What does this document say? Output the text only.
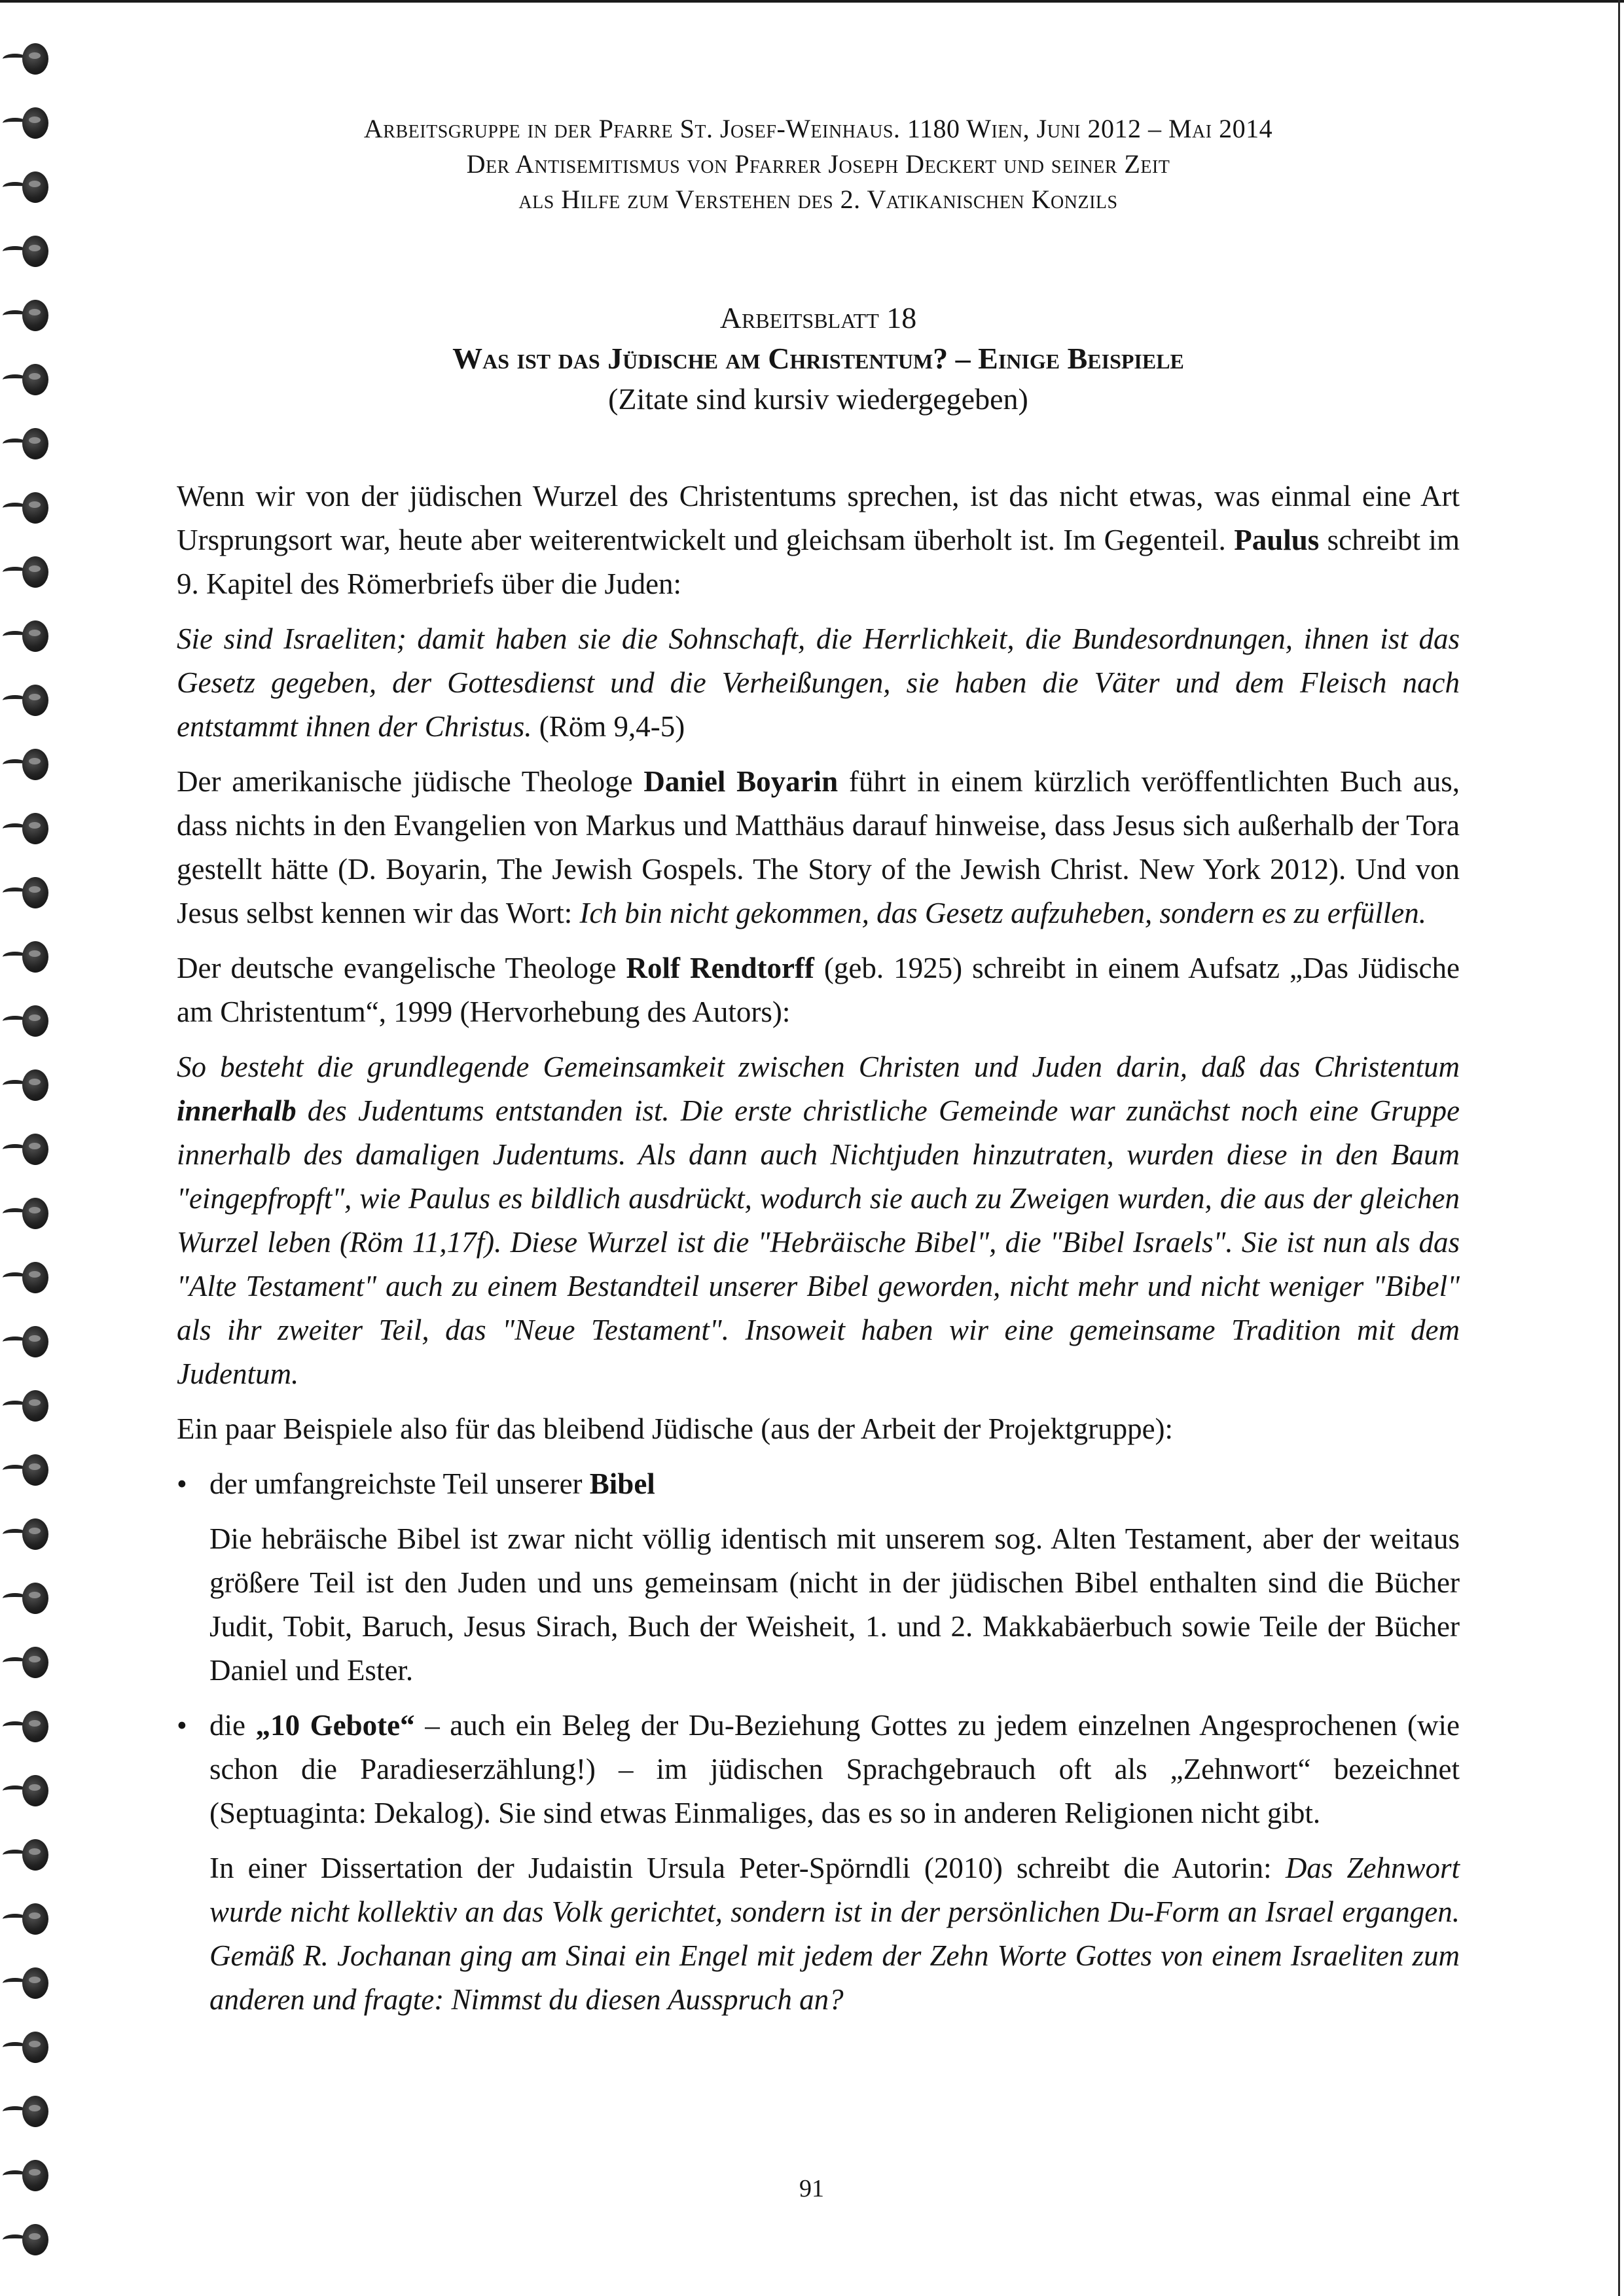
Arbeitsgruppe in der Pfarre St. Josef-Weinhaus. 1180 Wien, Juni 2012 – Mai 2014
Der Antisemitismus von Pfarrer Joseph Deckert und seiner Zeit
als Hilfe zum Verstehen des 2. Vatikanischen Konzils
Arbeitsblatt 18
Was ist das Jüdische am Christentum? – Einige Beispiele
(Zitate sind kursiv wiedergegeben)

Wenn wir von der jüdischen Wurzel des Christentums sprechen, ist das nicht etwas, was einmal eine Art Ursprungsort war, heute aber weiterentwickelt und gleichsam überholt ist. Im Gegenteil. Paulus schreibt im 9. Kapitel des Römerbriefs über die Juden:

Sie sind Israeliten; damit haben sie die Sohnschaft, die Herrlichkeit, die Bundesordnungen, ihnen ist das Gesetz gegeben, der Gottesdienst und die Verheißungen, sie haben die Väter und dem Fleisch nach entstammt ihnen der Christus. (Röm 9,4-5)

Der amerikanische jüdische Theologe Daniel Boyarin führt in einem kürzlich veröffentlichten Buch aus, dass nichts in den Evangelien von Markus und Matthäus darauf hinweise, dass Jesus sich außerhalb der Tora gestellt hätte (D. Boyarin, The Jewish Gospels. The Story of the Jewish Christ. New York 2012). Und von Jesus selbst kennen wir das Wort: Ich bin nicht gekommen, das Gesetz aufzuheben, sondern es zu erfüllen.

Der deutsche evangelische Theologe Rolf Rendtorff (geb. 1925) schreibt in einem Aufsatz „Das Jüdische am Christentum“, 1999 (Hervorhebung des Autors):

So besteht die grundlegende Gemeinsamkeit zwischen Christen und Juden darin, daß das Christentum innerhalb des Judentums entstanden ist. Die erste christliche Gemeinde war zunächst noch eine Gruppe innerhalb des damaligen Judentums. Als dann auch Nichtjuden hinzutraten, wurden diese in den Baum "eingepfropft", wie Paulus es bildlich ausdrückt, wodurch sie auch zu Zweigen wurden, die aus der gleichen Wurzel leben (Röm 11,17f). Diese Wurzel ist die "Hebräische Bibel", die "Bibel Israels". Sie ist nun als das "Alte Testament" auch zu einem Bestandteil unserer Bibel geworden, nicht mehr und nicht weniger "Bibel" als ihr zweiter Teil, das "Neue Testament". Insoweit haben wir eine gemeinsame Tradition mit dem Judentum.

Ein paar Beispiele also für das bleibend Jüdische (aus der Arbeit der Projektgruppe):

• der umfangreichste Teil unserer Bibel
Die hebräische Bibel ist zwar nicht völlig identisch mit unserem sog. Alten Testament, aber der weitaus größere Teil ist den Juden und uns gemeinsam (nicht in der jüdischen Bibel enthalten sind die Bücher Judit, Tobit, Baruch, Jesus Sirach, Buch der Weisheit, 1. und 2. Makkabäerbuch sowie Teile der Bücher Daniel und Ester.
• die „10 Gebote“ – auch ein Beleg der Du-Beziehung Gottes zu jedem einzelnen Angesprochenen (wie schon die Paradieserzählung!) – im jüdischen Sprachgebrauch oft als „Zehnwort“ bezeichnet (Septuaginta: Dekalog). Sie sind etwas Einmaliges, das es so in anderen Religionen nicht gibt.
In einer Dissertation der Judaistin Ursula Peter-Spörndli (2010) schreibt die Autorin: Das Zehnwort wurde nicht kollektiv an das Volk gerichtet, sondern ist in der persönlichen Du-Form an Israel ergangen. Gemäß R. Jochanan ging am Sinai ein Engel mit jedem der Zehn Worte Gottes von einem Israeliten zum anderen und fragte: Nimmst du diesen Ausspruch an?
91
